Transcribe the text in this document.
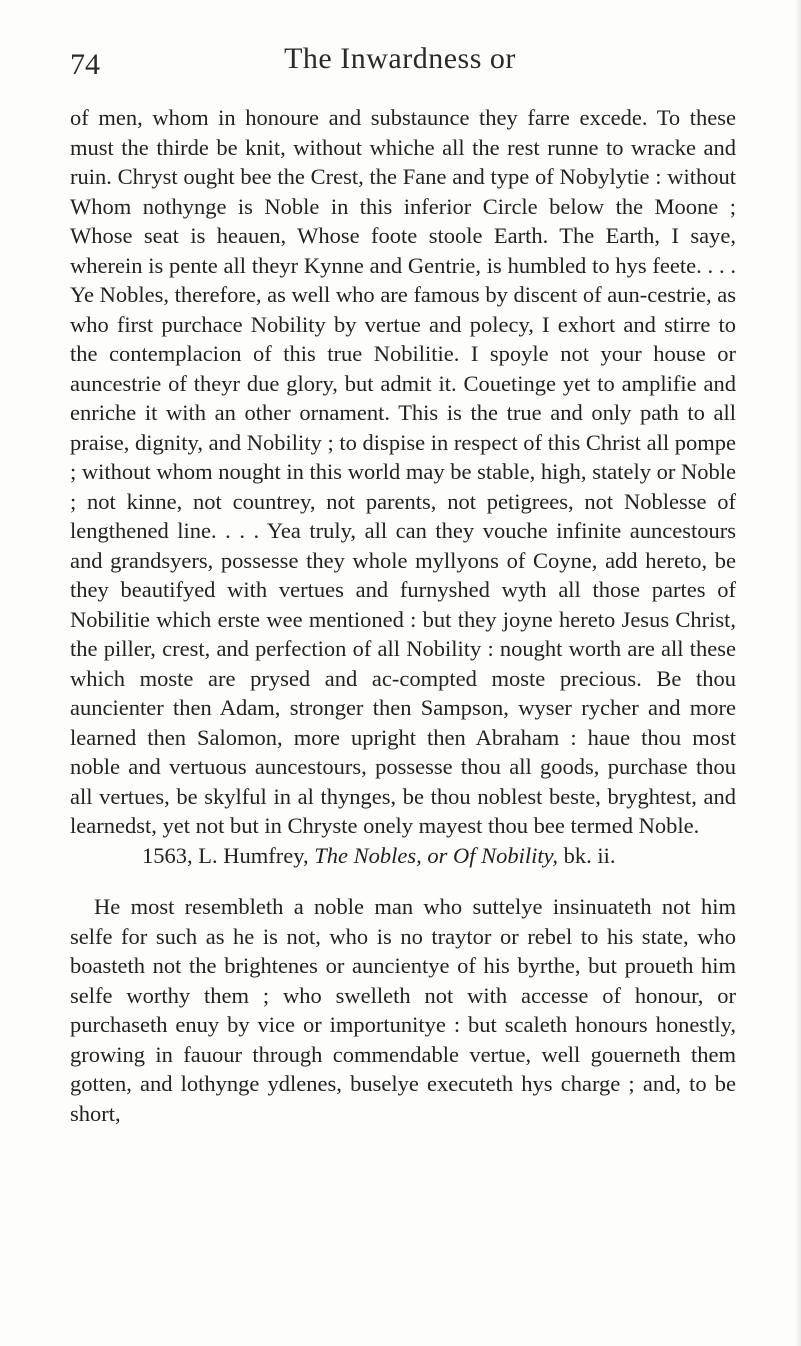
74	The Inwardness or

of men, whom in honoure and substaunce they farre excede. To these must the thirde be knit, without whiche all the rest runne to wracke and ruin. Chryst ought bee the Crest, the Fane and type of Nobylytie : without Whom nothynge is Noble in this inferior Circle below the Moone ; Whose seat is heauen, Whose foote stoole Earth. The Earth, I saye, wherein is pente all theyr Kynne and Gentrie, is humbled to hys feete. . . . Ye Nobles, therefore, as well who are famous by discent of aun-cestrie, as who first purchace Nobility by vertue and polecy, I exhort and stirre to the contemplacion of this true Nobilitie. I spoyle not your house or auncestrie of theyr due glory, but admit it. Couetinge yet to amplifie and enriche it with an other ornament. This is the true and only path to all praise, dignity, and Nobility ; to dispise in respect of this Christ all pompe ; without whom nought in this world may be stable, high, stately or Noble ; not kinne, not countrey, not parents, not petigrees, not Noblesse of lengthened line. . . . Yea truly, all can they vouche infinite auncestours and grandsyers, possesse they whole myllyons of Coyne, add hereto, be they beautifyed with vertues and furnyshed wyth all those partes of Nobilitie which erste wee mentioned : but they joyne hereto Jesus Christ, the piller, crest, and perfection of all Nobility : nought worth are all these which moste are prysed and ac-compted moste precious. Be thou auncienter then Adam, stronger then Sampson, wyser rycher and more learned then Salomon, more upright then Abraham : haue thou most noble and vertuous auncestours, possesse thou all goods, purchase thou all vertues, be skylful in al thynges, be thou noblest beste, bryghtest, and learnedst, yet not but in Chryste onely mayest thou bee termed Noble.

1563, L. Humfrey, The Nobles, or Of Nobility, bk. ii.

He most resembleth a noble man who suttelye insinuateth not him selfe for such as he is not, who is no traytor or rebel to his state, who boasteth not the brightenes or auncientye of his byrthe, but proueth him selfe worthy them ; who swelleth not with accesse of honour, or purchaseth enuy by vice or importunitye : but scaleth honours honestly, growing in fauour through commendable vertue, well gouerneth them gotten, and lothynge ydlenes, buselye executeth hys charge ; and, to be short,
